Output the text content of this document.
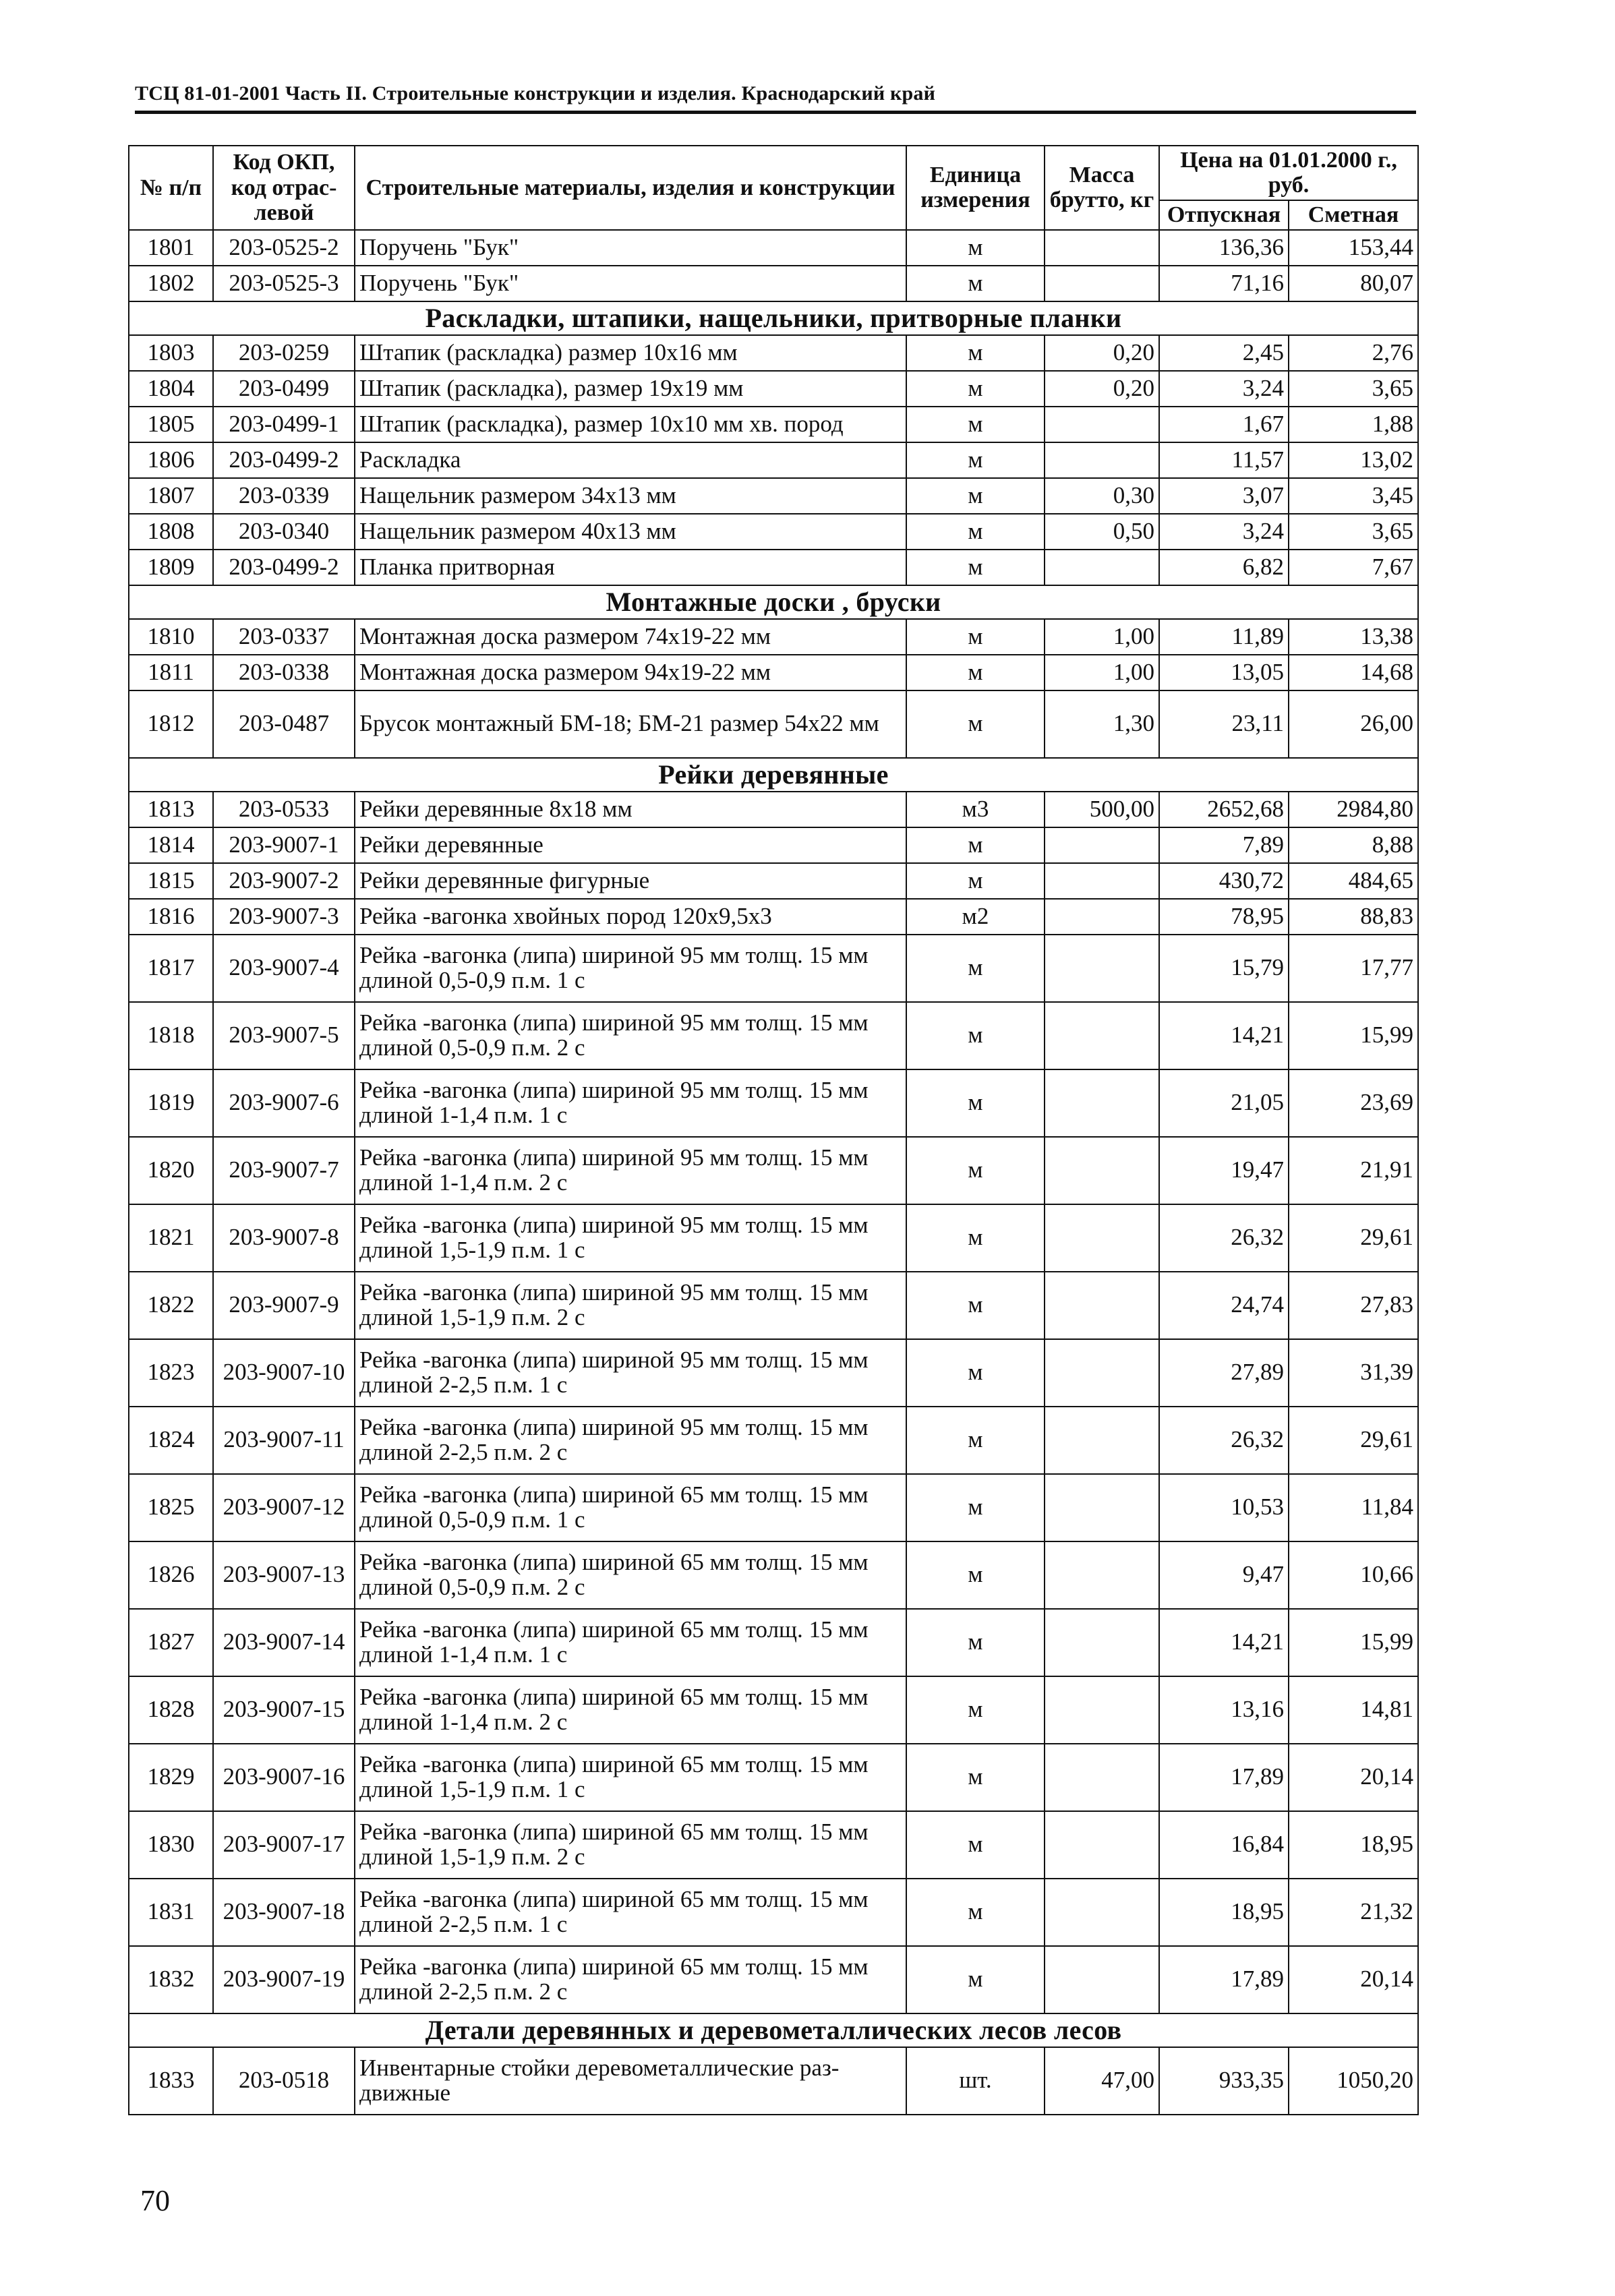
ТСЦ 81-01-2001 Часть II. Строительные конструкции и изделия. Краснодарский край
№ п/п	Код ОКП, код отрас-левой	Строительные материалы, изделия и конструкции	Единица измерения	Масса брутто, кг	Цена на 01.01.2000 г., руб.	
					Отпускная	Сметная
1801	203-0525-2	Поручень "Бук"	м		136,36	153,44
1802	203-0525-3	Поручень "Бук"	м		71,16	80,07
Раскладки, штапики, нащельники, притворные планки						
1803	203-0259	Штапик (раскладка) размер 10х16 мм	м	0,20	2,45	2,76
1804	203-0499	Штапик (раскладка), размер 19х19 мм	м	0,20	3,24	3,65
1805	203-0499-1	Штапик (раскладка), размер 10х10 мм хв. пород	м		1,67	1,88
1806	203-0499-2	Раскладка	м		11,57	13,02
1807	203-0339	Нащельник размером 34х13 мм	м	0,30	3,07	3,45
1808	203-0340	Нащельник размером 40х13 мм	м	0,50	3,24	3,65
1809	203-0499-2	Планка притворная	м		6,82	7,67
Монтажные доски , бруски						
1810	203-0337	Монтажная доска размером 74х19-22 мм	м	1,00	11,89	13,38
1811	203-0338	Монтажная доска размером 94х19-22 мм	м	1,00	13,05	14,68
1812	203-0487	Брусок монтажный БМ-18; БМ-21 размер 54х22 мм	м	1,30	23,11	26,00
Рейки деревянные						
1813	203-0533	Рейки деревянные 8х18 мм	м3	500,00	2652,68	2984,80
1814	203-9007-1	Рейки деревянные	м		7,89	8,88
1815	203-9007-2	Рейки деревянные фигурные	м		430,72	484,65
1816	203-9007-3	Рейка -вагонка хвойных пород 120х9,5х3	м2		78,95	88,83
1817	203-9007-4	Рейка -вагонка (липа) шириной 95 мм толщ. 15 мм длиной 0,5-0,9 п.м. 1 с	м		15,79	17,77
1818	203-9007-5	Рейка -вагонка (липа) шириной 95 мм толщ. 15 мм длиной 0,5-0,9 п.м. 2 с	м		14,21	15,99
1819	203-9007-6	Рейка -вагонка (липа) шириной 95 мм толщ. 15 мм длиной 1-1,4 п.м. 1 с	м		21,05	23,69
1820	203-9007-7	Рейка -вагонка (липа) шириной 95 мм толщ. 15 мм длиной 1-1,4 п.м. 2 с	м		19,47	21,91
1821	203-9007-8	Рейка -вагонка (липа) шириной 95 мм толщ. 15 мм длиной 1,5-1,9 п.м. 1 с	м		26,32	29,61
1822	203-9007-9	Рейка -вагонка (липа) шириной 95 мм толщ. 15 мм длиной 1,5-1,9 п.м. 2 с	м		24,74	27,83
1823	203-9007-10	Рейка -вагонка (липа) шириной 95 мм толщ. 15 мм длиной 2-2,5 п.м. 1 с	м		27,89	31,39
1824	203-9007-11	Рейка -вагонка (липа) шириной 95 мм толщ. 15 мм длиной 2-2,5 п.м. 2 с	м		26,32	29,61
1825	203-9007-12	Рейка -вагонка (липа) шириной 65 мм толщ. 15 мм длиной 0,5-0,9 п.м. 1 с	м		10,53	11,84
1826	203-9007-13	Рейка -вагонка (липа) шириной 65 мм толщ. 15 мм длиной 0,5-0,9 п.м. 2 с	м		9,47	10,66
1827	203-9007-14	Рейка -вагонка (липа) шириной 65 мм толщ. 15 мм длиной 1-1,4 п.м. 1 с	м		14,21	15,99
1828	203-9007-15	Рейка -вагонка (липа) шириной 65 мм толщ. 15 мм длиной 1-1,4 п.м. 2 с	м		13,16	14,81
1829	203-9007-16	Рейка -вагонка (липа) шириной 65 мм толщ. 15 мм длиной 1,5-1,9 п.м. 1 с	м		17,89	20,14
1830	203-9007-17	Рейка -вагонка (липа) шириной 65 мм толщ. 15 мм длиной 1,5-1,9 п.м. 2 с	м		16,84	18,95
1831	203-9007-18	Рейка -вагонка (липа) шириной 65 мм толщ. 15 мм длиной 2-2,5 п.м. 1 с	м		18,95	21,32
1832	203-9007-19	Рейка -вагонка (липа) шириной 65 мм толщ. 15 мм длиной 2-2,5 п.м. 2 с	м		17,89	20,14
Детали деревянных и деревометаллических лесов лесов						
1833	203-0518	Инвентарные стойки деревометаллические раз-движные	шт.	47,00	933,35	1050,20
70
